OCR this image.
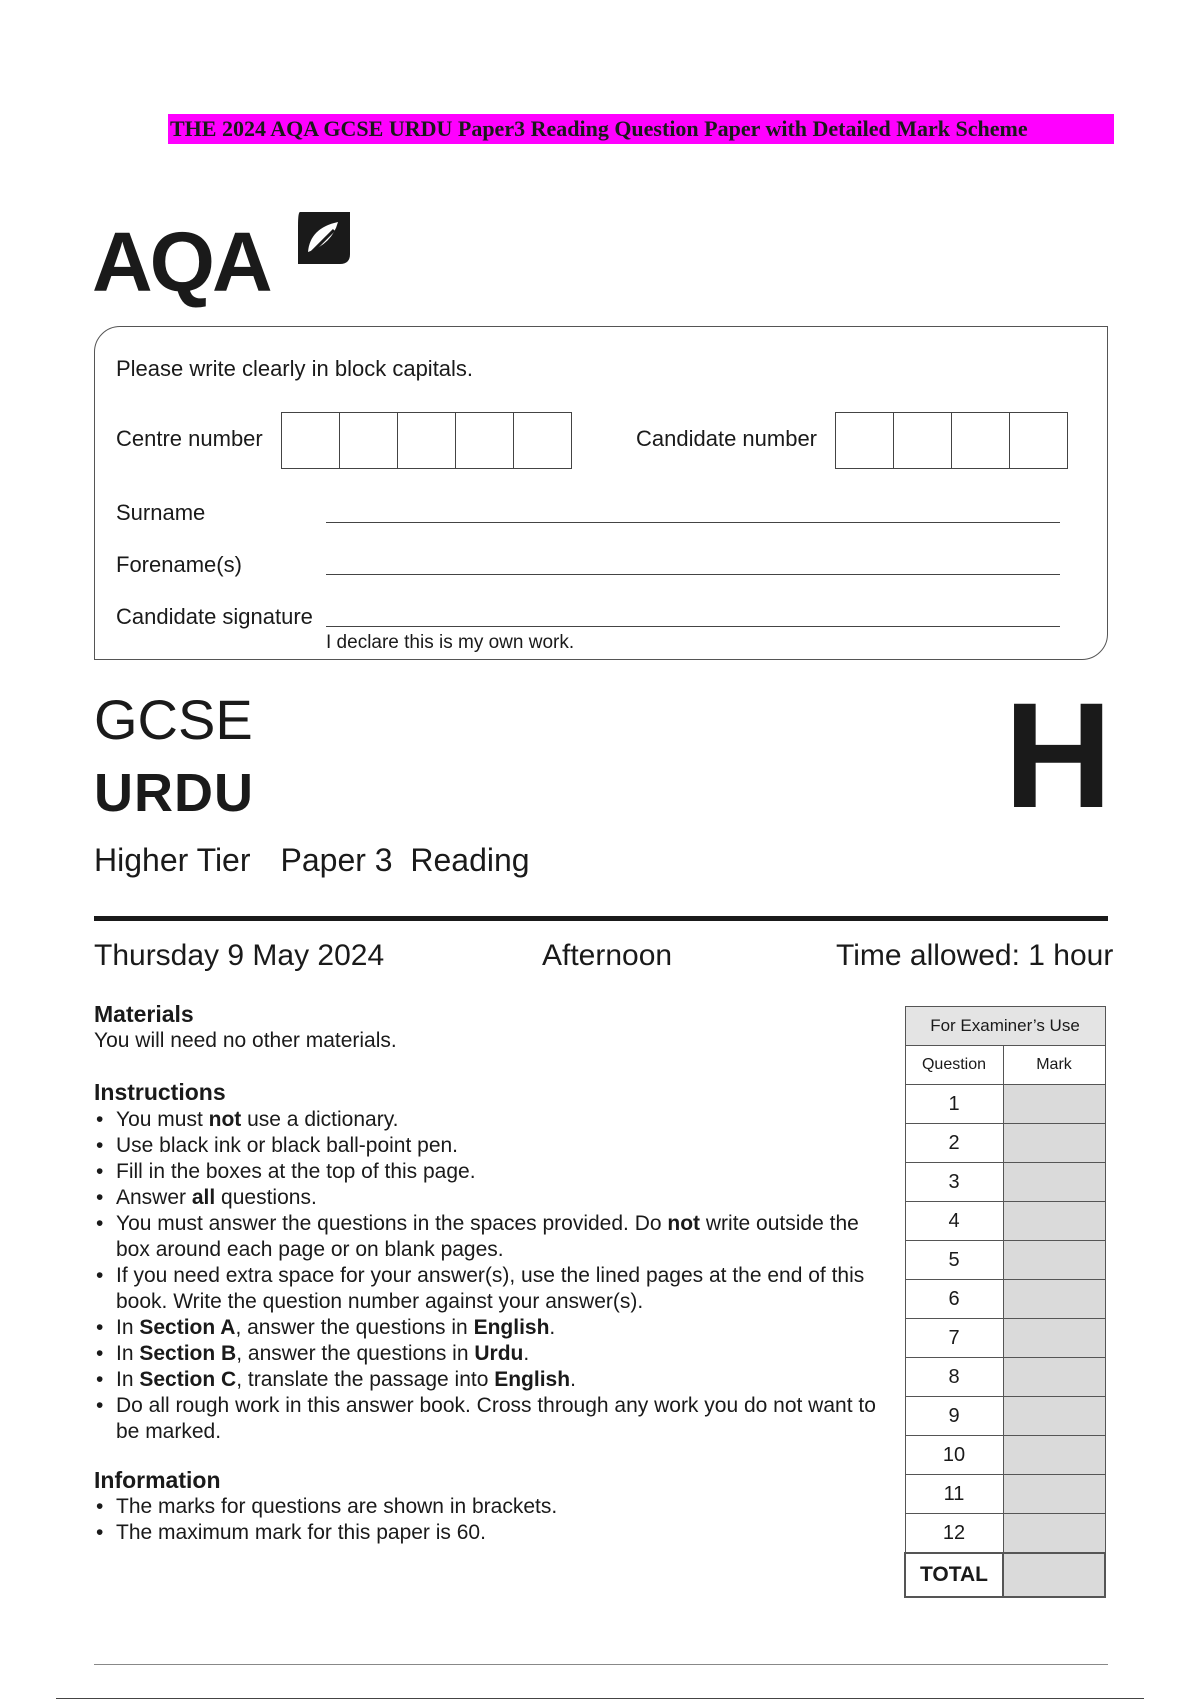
THE 2024 AQA GCSE URDU Paper3 Reading Question Paper with Detailed Mark Scheme
AQA
Please write clearly in block capitals.
Centre number	Candidate number
Surname
Forename(s)
Candidate signature
I declare this is my own work.
GCSE
URDU
Higher Tier Paper 3  Reading
H
Thursday 9 May 2024	Afternoon	Time allowed: 1 hour
Materials
You will need no other materials.
Instructions
• You must not use a dictionary.
• Use black ink or black ball-point pen.
• Fill in the boxes at the top of this page.
• Answer all questions.
• You must answer the questions in the spaces provided. Do not write outside the box around each page or on blank pages.
• If you need extra space for your answer(s), use the lined pages at the end of this book. Write the question number against your answer(s).
• In Section A, answer the questions in English.
• In Section B, answer the questions in Urdu.
• In Section C, translate the passage into English.
• Do all rough work in this answer book. Cross through any work you do not want to be marked.
Information
• The marks for questions are shown in brackets.
• The maximum mark for this paper is 60.
For Examiner’s Use	
Question	Mark
1	
2	
3	
4	
5	
6	
7	
8	
9	
10	
11	
12	
TOTAL	
